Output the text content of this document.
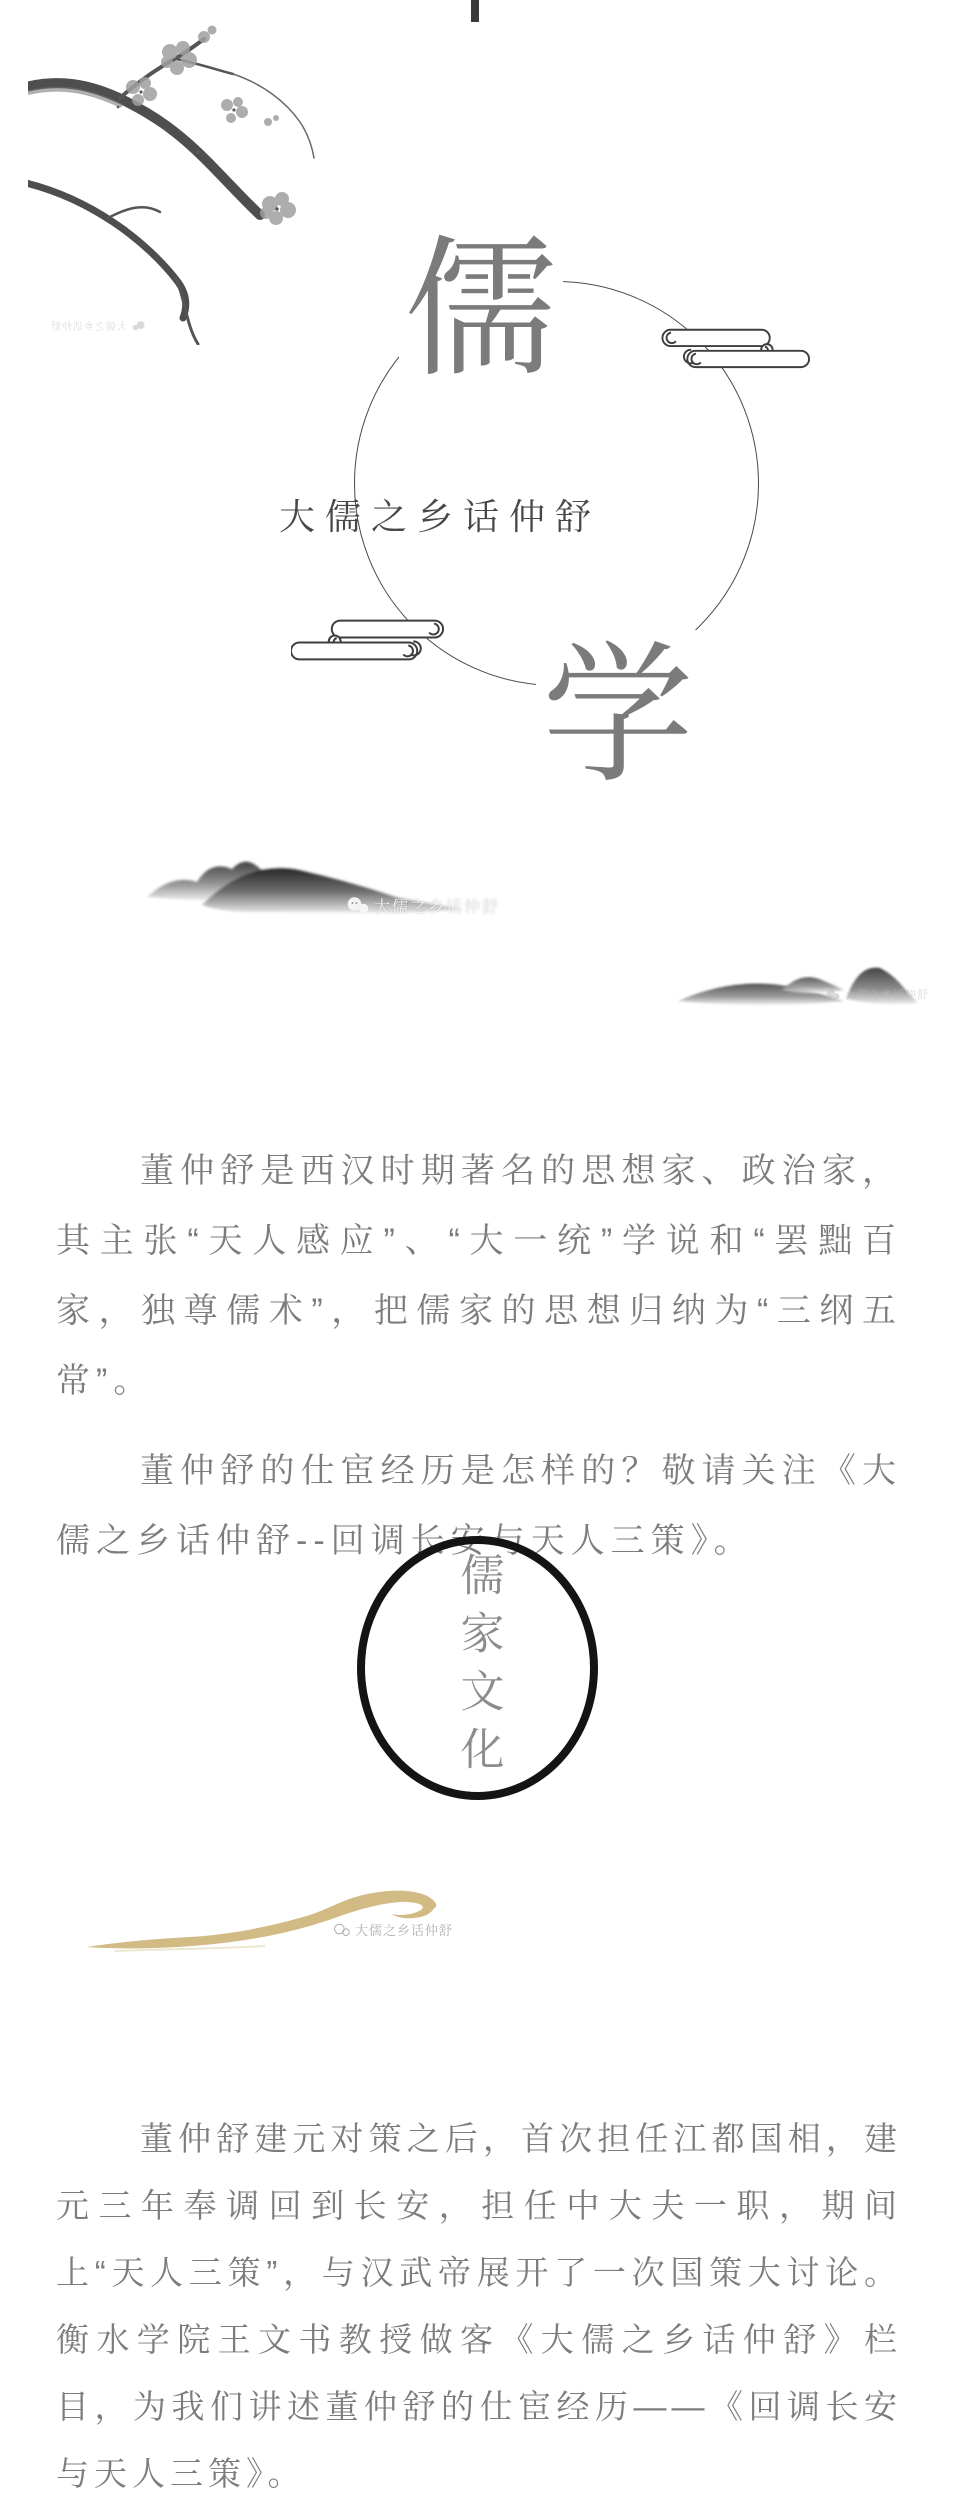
大儒之乡话仲舒 儒
学
大儒之乡话仲舒
大儒之乡话仲舒
大儒之乡话仲舒

董仲舒是西汉时期著名的思想家、政治家，其主张“天人感应”、“大一统”学说和“罢黜百家，独尊儒术”，把儒家的思想归纳为“三纲五常”。

董仲舒的仕宦经历是怎样的？敬请关注《大儒之乡话仲舒--回调长安与天人三策》。

儒家文化
大儒之乡话仲舒

董仲舒建元对策之后，首次担任江都国相，建元三年奉调回到长安，担任中大夫一职，期间 上“天人三策”，与汉武帝展开了一次国策大讨论。衡水学院王文书教授做客《大儒之乡话仲舒》栏目，为我们讲述董仲舒的仕宦经历——《回调长安与天人三策》。
